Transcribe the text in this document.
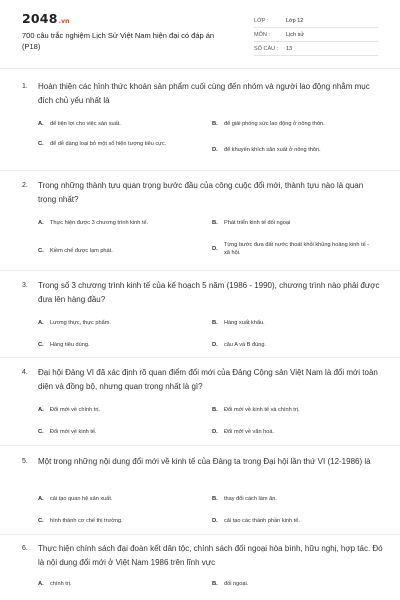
2048.vn
700 câu trắc nghiệm Lịch Sử Việt Nam hiện đại có đáp án (P18)
LỚP :	Lớp 12
MÔN :	Lịch sử
SỐ CÂU :	13
1. Hoàn thiện các hình thức khoán sản phẩm cuối cùng đến nhóm và người lao động nhằm mục đích chủ yếu nhất là
A.	để tiện lợi cho việc sản xuất.	B.	để giải phóng sức lao động ở nông thôn.
C.	để dễ dàng loại bỏ một số hiện tượng tiêu cực.
D.	để khuyến khích sản xuất ở nông thôn.
2. Trong những thành tựu quan trọng bước đầu của công cuộc đổi mới, thành tựu nào là quan trọng nhất?
A.	Thực hiện được 3 chương trình kinh tế.	B.	Phát triển kinh tế đối ngoại
C.	Kiềm chế được lạm phát.	D.
Từng bước đưa đất nước thoát khỏi khủng hoảng kinh tế - xã hội.
3. Trong số 3 chương trình kinh tế của kế hoạch 5 năm (1986 - 1990), chương trình nào phải được đưa lên hàng đầu?
A.	Lương thực, thực phẩm.	B.	Hàng xuất khẩu.
C.	Hàng tiêu dùng.	D.	câu A và B đúng.
4. Đại hội Đảng VI đã xác định rõ quan điểm đổi mới của Đảng Cộng sản Việt Nam là đổi mới toàn diện và đồng bộ, nhưng quan trọng nhất là gì?
A.	Đổi mới về chính trị.	B.	Đổi mới về kinh tế và chính trị.
C.	Đổi mới về kinh tế.	D.	Đổi mới về văn hoá.
5. Một trong những nội dung đổi mới về kinh tế của Đảng ta trong Đại hội lần thứ VI (12-1986) là
A.	cải tạo quan hệ sản xuất.	B.	thay đổi cách làm ăn.
C.	hình thành cơ chế thị trường.	D.	cải tạo các thành phần kinh tế.
6. Thực hiện chính sách đại đoàn kết dân tộc, chính sách đối ngoại hòa bình, hữu nghị, hợp tác. Đó là nội dung đổi mới ở Việt Nam 1986 trên lĩnh vực
A.	chính trị.	B.	đối ngoại.
